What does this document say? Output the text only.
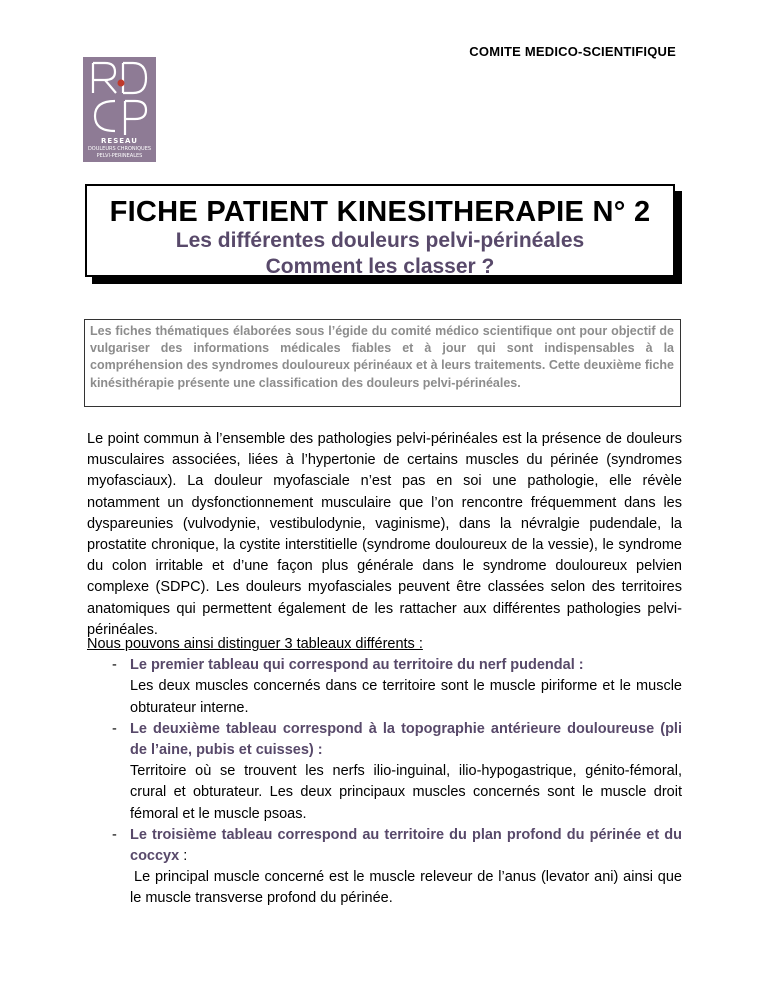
COMITE MEDICO-SCIENTIFIQUE
RESEAU
DOULEURS CHRONIQUES
PELVI-PERINEALES
FICHE PATIENT KINESITHERAPIE N° 2
Les différentes douleurs pelvi-périnéales
Comment les classer ?

Les fiches thématiques élaborées sous l’égide du comité médico scientifique ont pour objectif de vulgariser des informations médicales fiables et à jour qui sont indispensables à la compréhension des syndromes douloureux périnéaux et à leurs traitements. Cette deuxième fiche kinésithérapie présente une classification des douleurs pelvi-périnéales.

Le point commun à l’ensemble des pathologies pelvi-périnéales est la présence de douleurs musculaires associées, liées à l’hypertonie de certains muscles du périnée (syndromes myofasciaux). La douleur myofasciale n’est pas en soi une pathologie, elle révèle notamment un dysfonctionnement musculaire que l’on rencontre fréquemment dans les dyspareunies (vulvodynie, vestibulodynie, vaginisme), dans la névralgie pudendale, la prostatite chronique, la cystite interstitielle (syndrome douloureux de la vessie), le syndrome du colon irritable et d’une façon plus générale dans le syndrome douloureux pelvien complexe (SDPC). Les douleurs myofasciales peuvent être classées selon des territoires anatomiques qui permettent également de les rattacher aux différentes pathologies pelvi-périnéales.

Nous pouvons ainsi distinguer 3 tableaux différents :

- Le premier tableau qui correspond au territoire du nerf pudendal :
Les deux muscles concernés dans ce territoire sont le muscle piriforme et le muscle obturateur interne.
- Le deuxième tableau correspond à la topographie antérieure douloureuse (pli de l’aine, pubis et cuisses) :
Territoire où se trouvent les nerfs ilio-inguinal, ilio-hypogastrique, génito-fémoral, crural et obturateur. Les deux principaux muscles concernés sont le muscle droit fémoral et le muscle psoas.
- Le troisième tableau correspond au territoire du plan profond du périnée et du coccyx :
Le principal muscle concerné est le muscle releveur de l’anus (levator ani) ainsi que le muscle transverse profond du périnée.
